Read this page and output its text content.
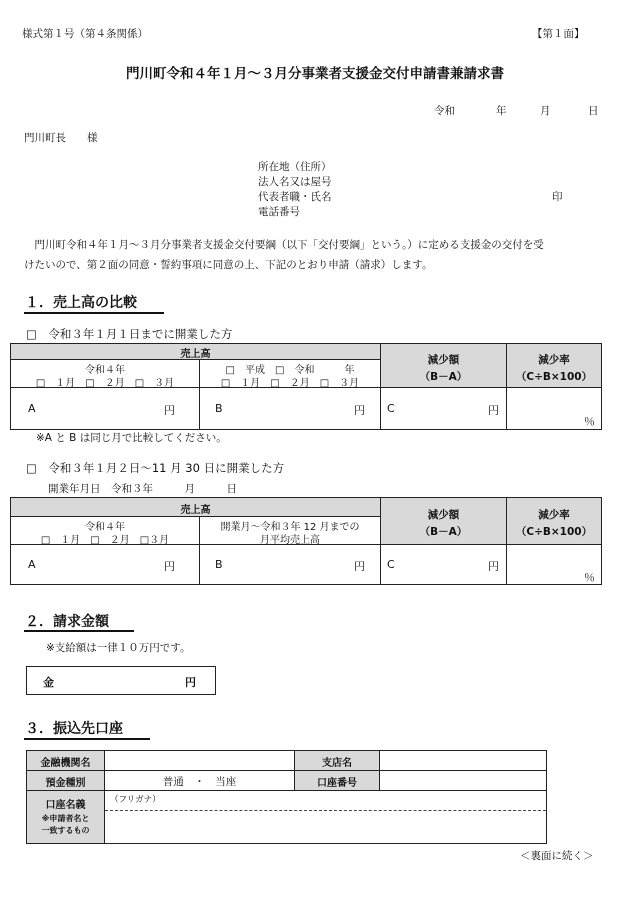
様式第１号（第４条関係）	【第１面】
門川町令和４年１月～３月分事業者支援金交付申請書兼請求書
令和	年	月	日
門川町長　　様
所在地（住所）
法人名又は屋号
代表者職・氏名	印
電話番号
　門川町令和４年１月～３月分事業者支援金交付要綱（以下「交付要綱」という。）に定める支援金の交付を受
けたいので、第２面の同意・誓約事項に同意の上、下記のとおり申請（請求）します。
１．売上高の比較
□　令和３年１月１日までに開業した方
売上高
令和４年
□　１月　□　２月　□　３月
□　平成　□　令和　　　年
□　１月　□　２月　□　３月
減少額
（B－A）
減少率
（C÷B×100）
A	円	B	円 C	円
％
※A と B は同じ月で比較してください。
□　令和３年１月２日～11 月 30 日に開業した方
開業年月日　令和３年　　　月　　　日
売上高
令和４年
□　１月　□　２月　□３月
開業月～令和３年 12 月までの
月平均売上高
減少額
（B－A）
減少率
（C÷B×100）
A	円	B	円 C	円
％
２．請求金額
※支給額は一律１０万円です。
金	円
３．振込先口座
金融機関名	支店名
預金種別	普通　・　当座	口座番号
口座名義
※申請者名と
一致するもの
（フリガナ）
＜裏面に続く＞
